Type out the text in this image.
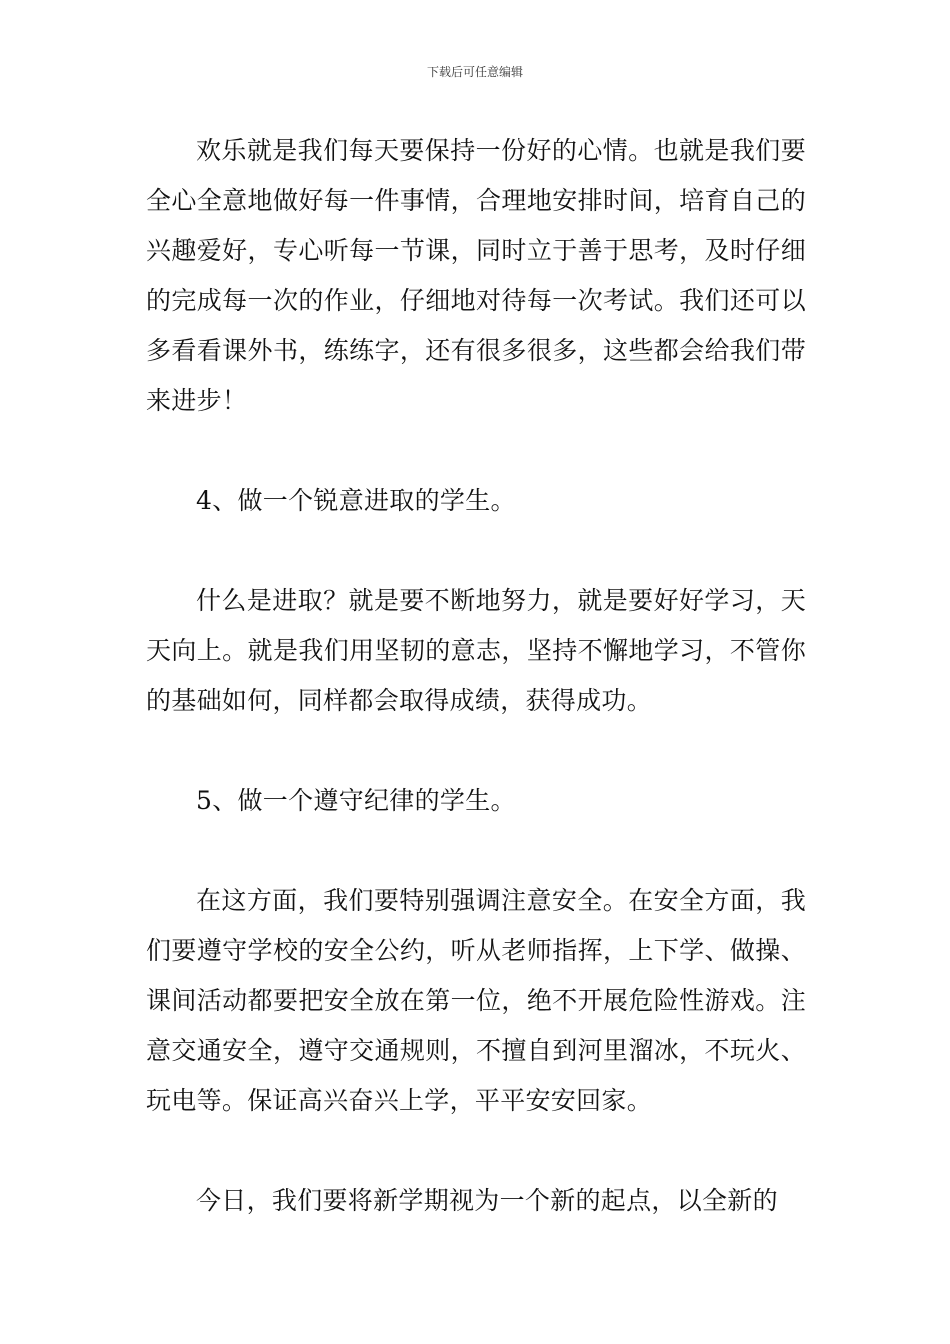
下载后可任意编辑

欢乐就是我们每天要保持一份好的心情。也就是我们要全心全意地做好每一件事情，合理地安排时间，培育自己的兴趣爱好，专心听每一节课，同时立于善于思考，及时仔细的完成每一次的作业，仔细地对待每一次考试。我们还可以多看看课外书，练练字，还有很多很多，这些都会给我们带来进步！

4、做一个锐意进取的学生。

什么是进取？就是要不断地努力，就是要好好学习，天天向上。就是我们用坚韧的意志，坚持不懈地学习，不管你的基础如何，同样都会取得成绩，获得成功。

5、做一个遵守纪律的学生。

在这方面，我们要特别强调注意安全。在安全方面，我们要遵守学校的安全公约，听从老师指挥，上下学、做操、课间活动都要把安全放在第一位，绝不开展危险性游戏。注意交通安全，遵守交通规则，不擅自到河里溜冰，不玩火、玩电等。保证高兴奋兴上学，平平安安回家。

今日，我们要将新学期视为一个新的起点，以全新的
